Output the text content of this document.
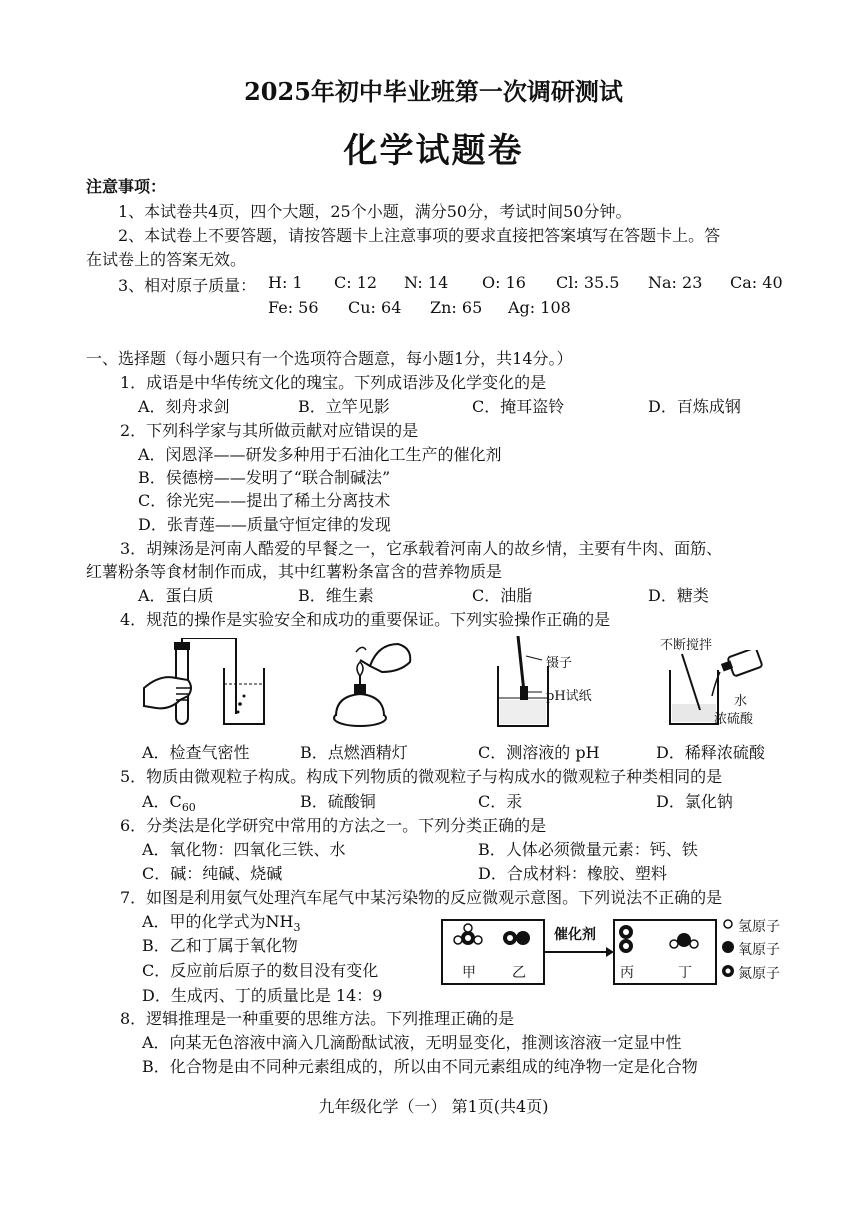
2025年初中毕业班第一次调研测试
化学试题卷
注意事项：
1、本试卷共4页，四个大题，25个小题，满分50分，考试时间50分钟。
2、本试卷上不要答题，请按答题卡上注意事项的要求直接把答案填写在答题卡上。答
在试卷上的答案无效。
3、相对原子质量： H: 1 C: 12 N: 14 O: 16 Cl: 35.5 Na: 23 Ca: 40
Fe: 56 Cu: 64 Zn: 65 Ag: 108
一、选择题（每小题只有一个选项符合题意，每小题1分，共14分。）
1．成语是中华传统文化的瑰宝。下列成语涉及化学变化的是
A．刻舟求剑	B．立竿见影	C．掩耳盗铃	D．百炼成钢
2．下列科学家与其所做贡献对应错误的是
A．闵恩泽——研发多种用于石油化工生产的催化剂
B．侯德榜——发明了“联合制碱法”
C．徐光宪——提出了稀土分离技术
D．张青莲——质量守恒定律的发现
3．胡辣汤是河南人酷爱的早餐之一，它承载着河南人的故乡情，主要有牛肉、面筋、
红薯粉条等食材制作而成，其中红薯粉条富含的营养物质是
A．蛋白质	B．维生素	C．油脂	D．糖类
4．规范的操作是实验安全和成功的重要保证。下列实验操作正确的是
镊子
pH试纸
不断搅拌
水
浓硫酸
A．检查气密性	B．点燃酒精灯	C．测溶液的 pH	D．稀释浓硫酸
5．物质由微观粒子构成。构成下列物质的微观粒子与构成水的微观粒子种类相同的是
A．$C_{60}$	B．硫酸铜	C．汞	D．氯化钠
6．分类法是化学研究中常用的方法之一。下列分类正确的是
A．氧化物：四氧化三铁、水	B．人体必须微量元素：钙、铁
C．碱：纯碱、烧碱	D．合成材料：橡胶、塑料
7．如图是利用氨气处理汽车尾气中某污染物的反应微观示意图。下列说法不正确的是
A．甲的化学式为$NH_3$
B．乙和丁属于氧化物
C．反应前后原子的数目没有变化
D．生成丙、丁的质量比是 14：9
催化剂
甲	乙	丙	丁
氢原子
氧原子
氮原子
8．逻辑推理是一种重要的思维方法。下列推理正确的是
A．向某无色溶液中滴入几滴酚酞试液，无明显变化，推测该溶液一定显中性
B．化合物是由不同种元素组成的，所以由不同元素组成的纯净物一定是化合物
九年级化学（一） 第1页(共4页)
